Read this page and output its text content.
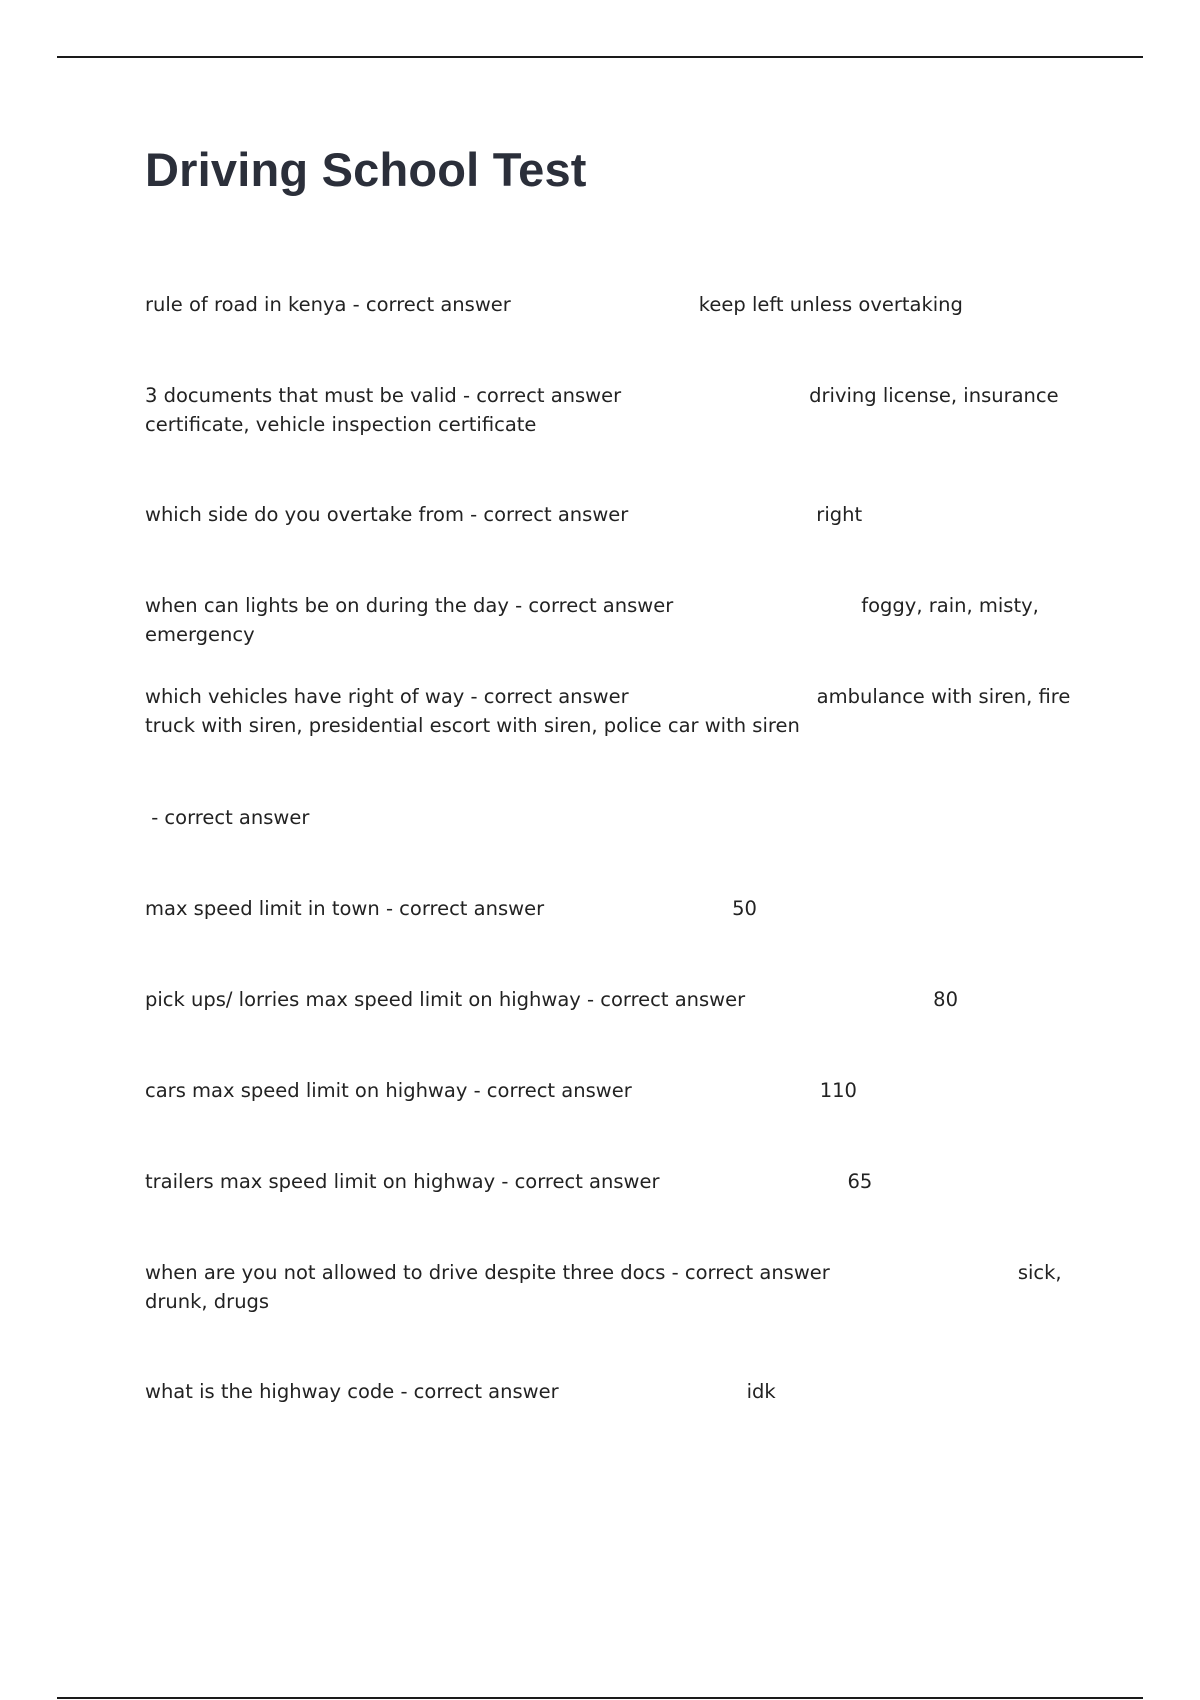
Driving School Test
rule of road in kenya - correct answer	keep left unless overtaking
3 documents that must be valid - correct answer	driving license, insurance certificate, vehicle inspection certificate
which side do you overtake from - correct answer	right
when can lights be on during the day - correct answer	foggy, rain, misty, emergency
which vehicles have right of way - correct answer	ambulance with siren, fire truck with siren, presidential escort with siren, police car with siren
- correct answer
max speed limit in town - correct answer	50
pick ups/ lorries max speed limit on highway - correct answer	80
cars max speed limit on highway - correct answer	110
trailers max speed limit on highway - correct answer	65
when are you not allowed to drive despite three docs - correct answer	sick, drunk, drugs
what is the highway code - correct answer	idk
